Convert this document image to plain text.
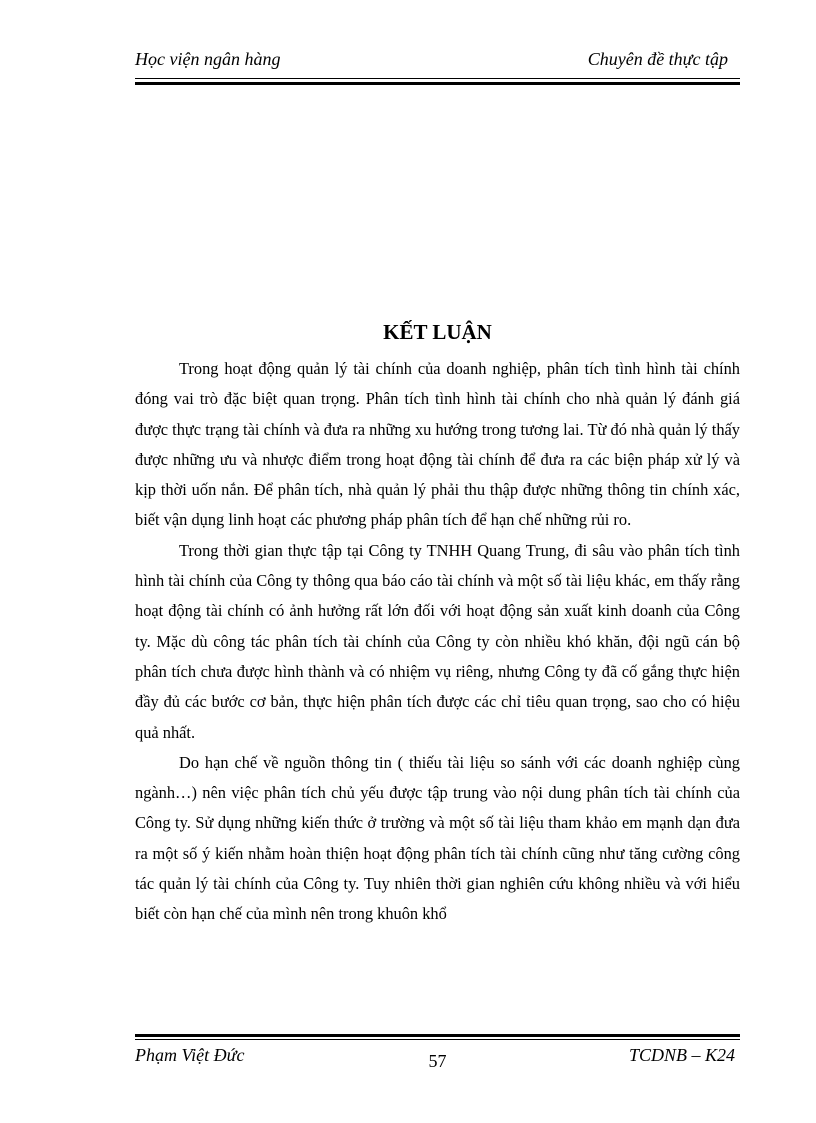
Học viện ngân hàng	Chuyên đề thực tập
KẾT LUẬN

Trong hoạt động quản lý tài chính của doanh nghiệp, phân tích tình hình tài chính đóng vai trò đặc biệt quan trọng. Phân tích tình hình tài chính cho nhà quản lý đánh giá được thực trạng tài chính và đưa ra những xu hướng trong tương lai. Từ đó nhà quản lý thấy được những ưu và nhược điểm trong hoạt động tài chính để đưa ra các biện pháp xử lý và kịp thời uốn nắn. Để phân tích, nhà quản lý phải thu thập được những thông tin chính xác, biết vận dụng linh hoạt các phương pháp phân tích để hạn chế những rủi ro.

Trong thời gian thực tập tại Công ty TNHH Quang Trung, đi sâu vào phân tích tình hình tài chính của Công ty thông qua báo cáo tài chính và một số tài liệu khác, em thấy rằng hoạt động tài chính có ảnh hưởng rất lớn đối với hoạt động sản xuất kinh doanh của Công ty. Mặc dù công tác phân tích tài chính của Công ty còn nhiều khó khăn, đội ngũ cán bộ phân tích chưa được hình thành và có nhiệm vụ riêng, nhưng Công ty đã cố gắng thực hiện đầy đủ các bước cơ bản, thực hiện phân tích được các chỉ tiêu quan trọng, sao cho có hiệu quả nhất.

Do hạn chế về nguồn thông tin ( thiếu tài liệu so sánh với các doanh nghiệp cùng ngành…) nên việc phân tích chủ yếu được tập trung vào nội dung phân tích tài chính của Công ty. Sử dụng những kiến thức ở trường và một số tài liệu tham khảo em mạnh dạn đưa ra một số ý kiến nhằm hoàn thiện hoạt động phân tích tài chính cũng như tăng cường công tác quản lý tài chính của Công ty. Tuy nhiên thời gian nghiên cứu không nhiều và với hiểu biết còn hạn chế của mình nên trong khuôn khổ

Phạm Việt Đức	57	TCDNB – K24
